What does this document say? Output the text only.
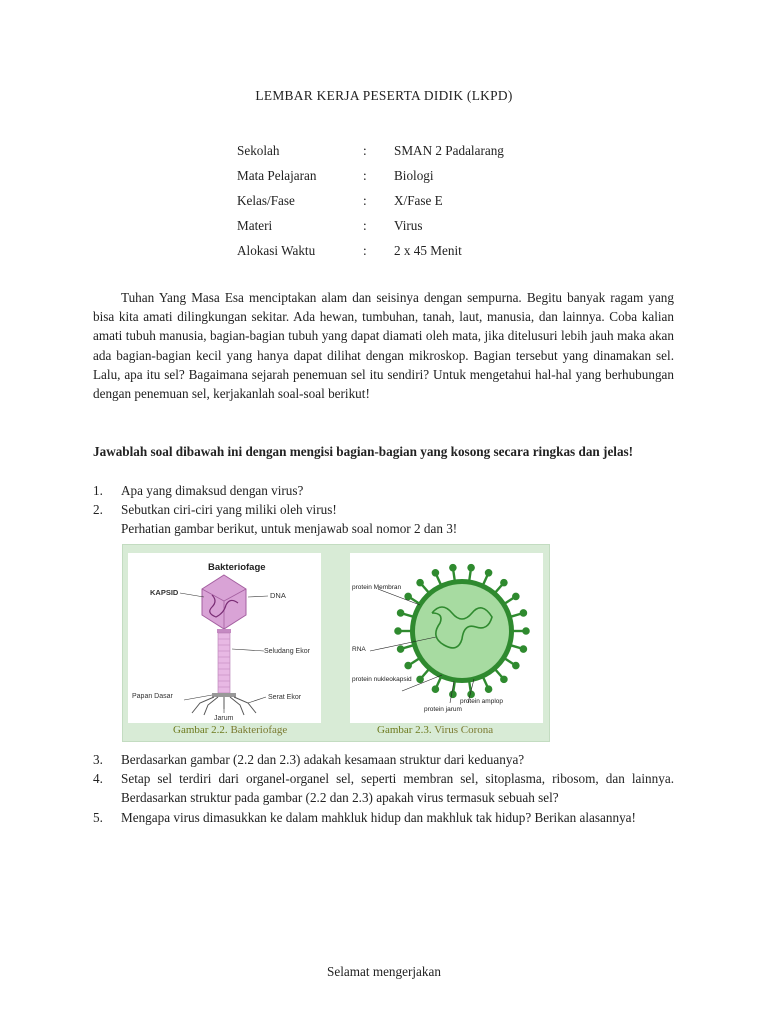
LEMBAR KERJA PESERTA DIDIK (LKPD)
Sekolah	:	SMAN 2 Padalarang
Mata Pelajaran	:	Biologi
Kelas/Fase	:	X/Fase E
Materi	:	Virus
Alokasi Waktu	:	2 x 45 Menit

Tuhan Yang Masa Esa menciptakan alam dan seisinya dengan sempurna. Begitu banyak ragam yang bisa kita amati dilingkungan sekitar. Ada hewan, tumbuhan, tanah, laut, manusia, dan lainnya. Coba kalian amati tubuh manusia, bagian-bagian tubuh yang dapat diamati oleh mata, jika ditelusuri lebih jauh maka akan ada bagian-bagian kecil yang hanya dapat dilihat dengan mikroskop. Bagian tersebut yang dinamakan sel. Lalu, apa itu sel? Bagaimana sejarah penemuan sel itu sendiri? Untuk mengetahui hal-hal yang berhubungan dengan penemuan sel, kerjakanlah soal-soal berikut!

Jawablah soal dibawah ini dengan mengisi bagian-bagian yang kosong secara ringkas dan jelas!

1.	Apa yang dimaksud dengan virus?
2.	Sebutkan ciri-ciri yang miliki oleh virus!
Perhatian gambar berikut, untuk menjawab soal nomor 2 dan 3!
Bakteriofage
KAPSID	DNA
Seludang Ekor
Papan Dasar	Serat Ekor
Jarum
protein Membran
RNA
protein nukleokapsid
protein jarum
protein amplop
Gambar 2.2. Bakteriofage	Gambar 2.3. Virus Corona
3.	Berdasarkan gambar (2.2 dan 2.3) adakah kesamaan struktur dari keduanya?
4.	Setap sel terdiri dari organel-organel sel, seperti membran sel, sitoplasma, ribosom, dan lainnya. Berdasarkan struktur pada gambar (2.2 dan 2.3) apakah virus termasuk sebuah sel?
5.	Mengapa virus dimasukkan ke dalam mahkluk hidup dan makhluk tak hidup? Berikan alasannya!
Selamat mengerjakan
